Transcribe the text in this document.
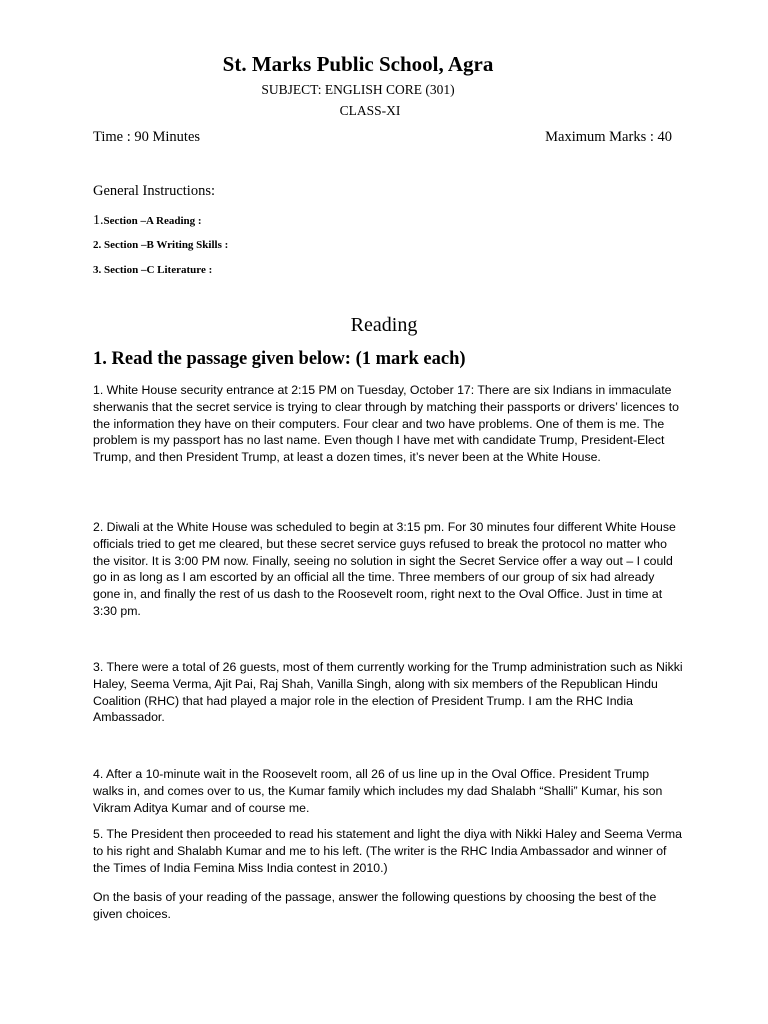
St. Marks Public School, Agra
SUBJECT: ENGLISH CORE (301)
CLASS-XI
Time : 90 Minutes	Maximum Marks : 40
General Instructions:
1.Section –A Reading :
2. Section –B Writing Skills :
3. Section –C Literature :
Reading
1. Read the passage given below: (1 mark each)

1. White House security entrance at 2:15 PM on Tuesday, October 17: There are six Indians in immaculate sherwanis that the secret service is trying to clear through by matching their passports or drivers’ licences to the information they have on their computers. Four clear and two have problems. One of them is me. The problem is my passport has no last name. Even though I have met with candidate Trump, President-Elect Trump, and then President Trump, at least a dozen times, it’s never been at the White House.

2. Diwali at the White House was scheduled to begin at 3:15 pm. For 30 minutes four different White House officials tried to get me cleared, but these secret service guys refused to break the protocol no matter who the visitor. It is 3:00 PM now. Finally, seeing no solution in sight the Secret Service offer a way out – I could go in as long as I am escorted by an official all the time. Three members of our group of six had already gone in, and finally the rest of us dash to the Roosevelt room, right next to the Oval Office. Just in time at 3:30 pm.

3. There were a total of 26 guests, most of them currently working for the Trump administration such as Nikki Haley, Seema Verma, Ajit Pai, Raj Shah, Vanilla Singh, along with six members of the Republican Hindu Coalition (RHC) that had played a major role in the election of President Trump. I am the RHC India Ambassador.

4. After a 10-minute wait in the Roosevelt room, all 26 of us line up in the Oval Office. President Trump walks in, and comes over to us, the Kumar family which includes my dad Shalabh “Shalli” Kumar, his son Vikram Aditya Kumar and of course me.

5. The President then proceeded to read his statement and light the diya with Nikki Haley and Seema Verma to his right and Shalabh Kumar and me to his left. (The writer is the RHC India Ambassador and winner of the Times of India Femina Miss India contest in 2010.)

On the basis of your reading of the passage, answer the following questions by choosing the best of the given choices.
